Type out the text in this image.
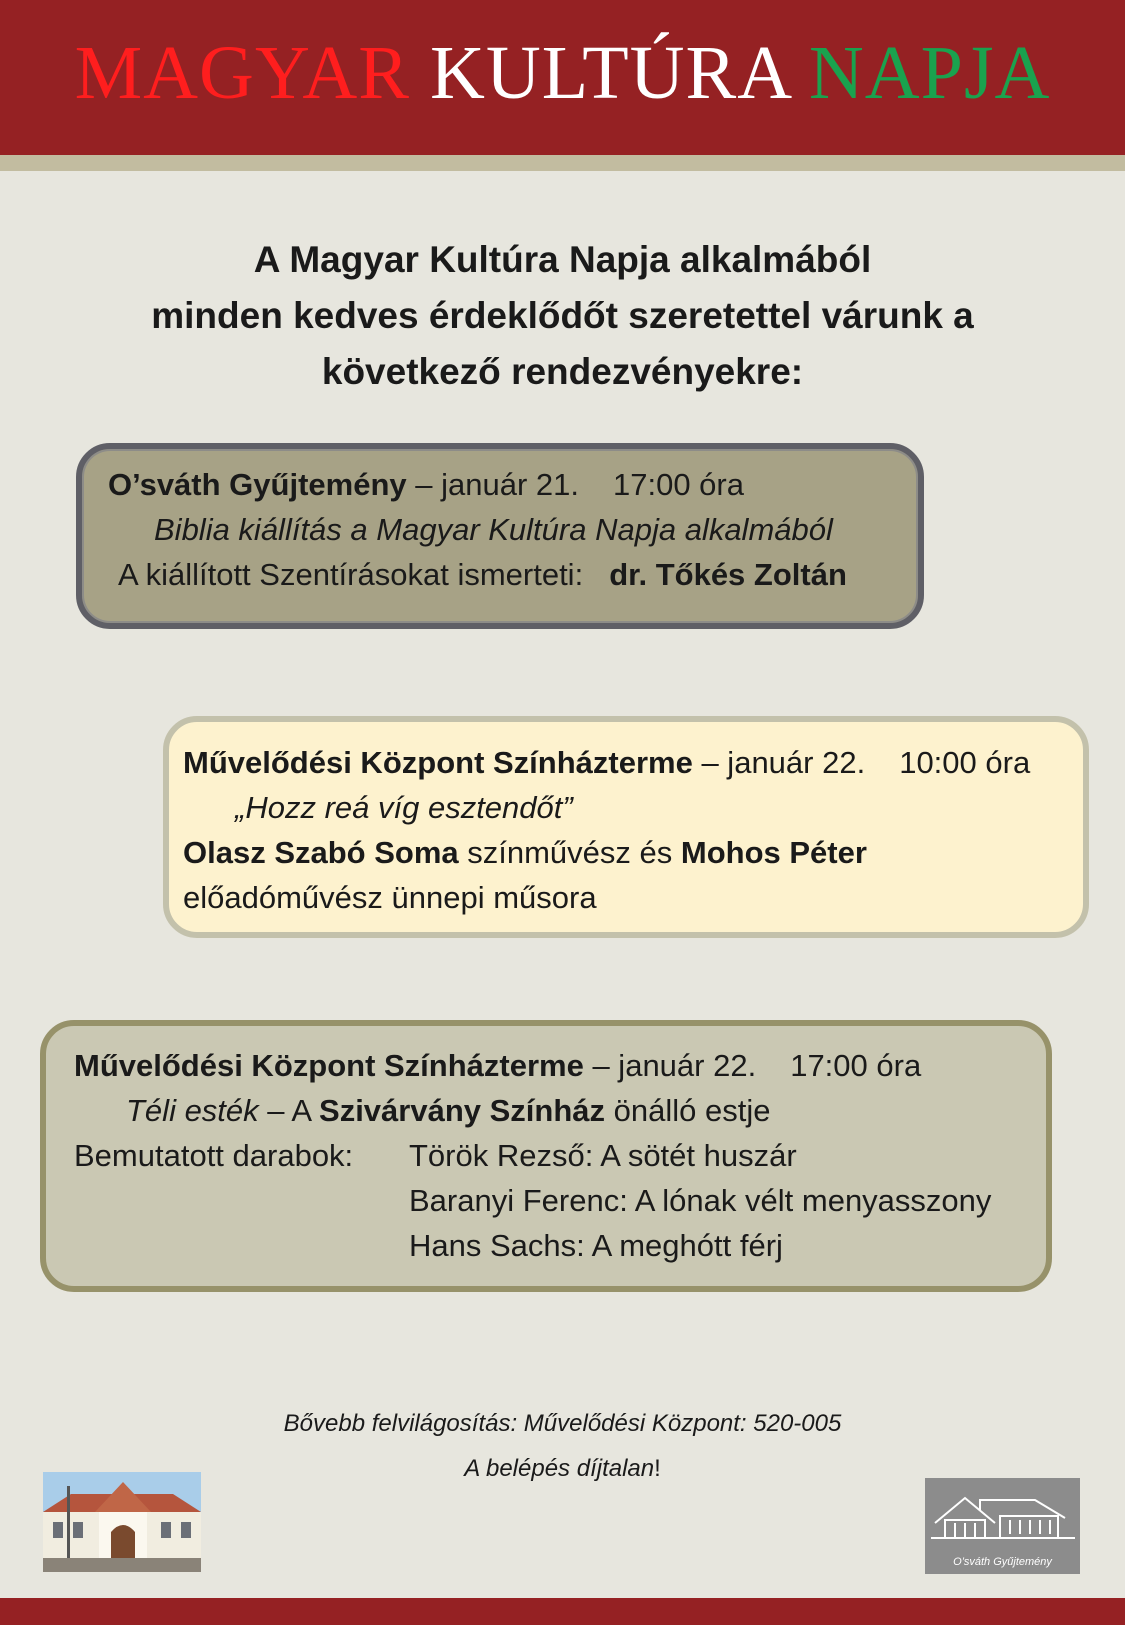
MAGYAR KULTÚRA NAPJA
A Magyar Kultúra Napja alkalmából
minden kedves érdeklődőt szeretettel várunk a
következő rendezvényekre:
O’sváth Gyűjtemény – január 21. 17:00 óra
Biblia kiállítás a Magyar Kultúra Napja alkalmából
A kiállított Szentírásokat ismerteti: dr. Tőkés Zoltán
Művelődési Központ Színházterme – január 22. 10:00 óra
„Hozz reá víg esztendőt”
Olasz Szabó Soma színművész és Mohos Péter
előadóművész ünnepi műsora
Művelődési Központ Színházterme – január 22. 17:00 óra
Téli esték – A Szivárvány Színház önálló estje
Bemutatott darabok:	Török Rezső: A sötét huszár
Baranyi Ferenc: A lónak vélt menyasszony
Hans Sachs: A meghótt férj
Bővebb felvilágosítás: Művelődési Központ: 520-005
A belépés díjtalan!
O’sváth Gyűjtemény
